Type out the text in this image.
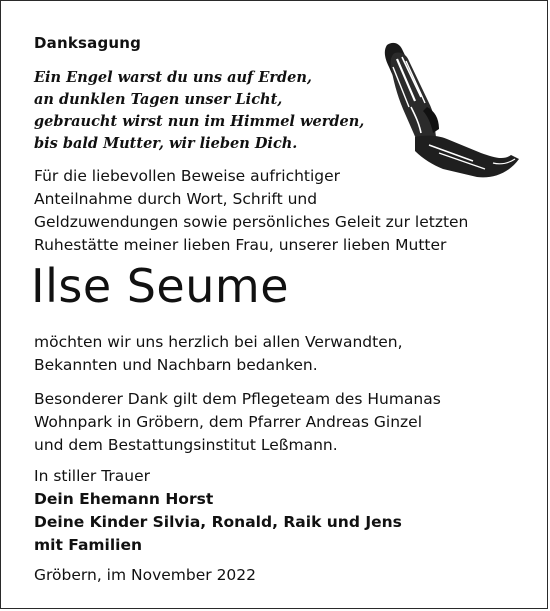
Danksagung
Ein Engel warst du uns auf Erden,
an dunklen Tagen unser Licht,
gebraucht wirst nun im Himmel werden,
bis bald Mutter, wir lieben Dich.
Für die liebevollen Beweise aufrichtiger
Anteilnahme durch Wort, Schrift und
Geldzuwendungen sowie persönliches Geleit zur letzten
Ruhestätte meiner lieben Frau, unserer lieben Mutter
Ilse Seume
möchten wir uns herzlich bei allen Verwandten,
Bekannten und Nachbarn bedanken.
Besonderer Dank gilt dem Pflegeteam des Humanas
Wohnpark in Gröbern, dem Pfarrer Andreas Ginzel
und dem Bestattungsinstitut Leßmann.
In stiller Trauer
Dein Ehemann Horst
Deine Kinder Silvia, Ronald, Raik und Jens
mit Familien
Gröbern, im November 2022
